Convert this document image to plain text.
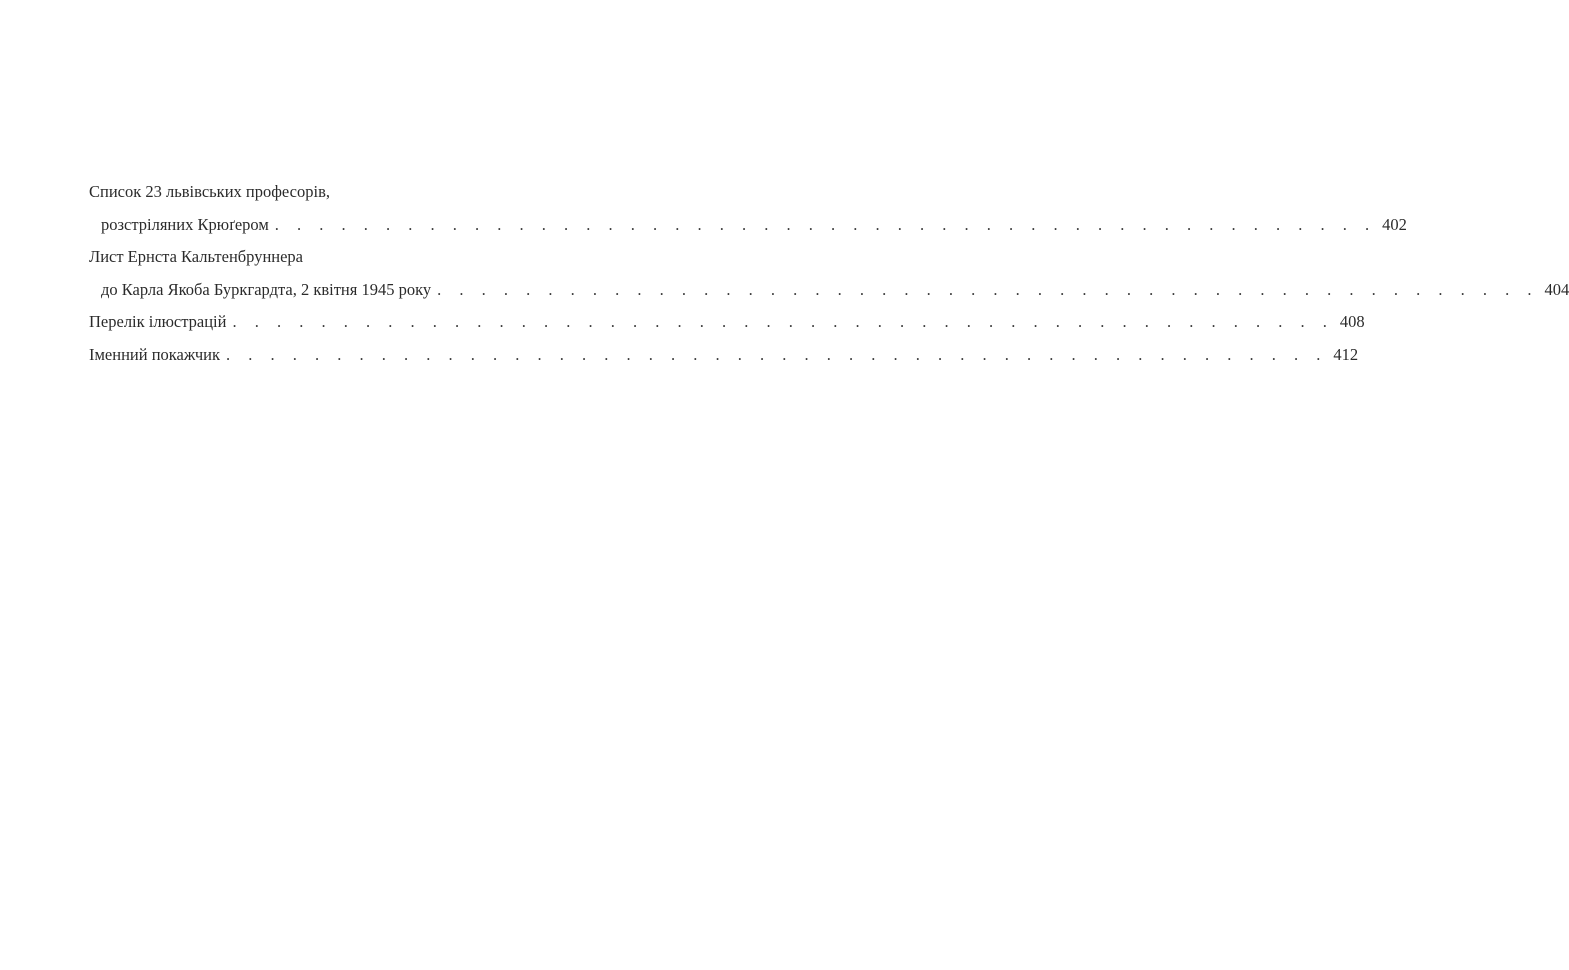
Список 23 львівських професорів,
розстріляних Крюґером . . . . . . . . . . . . . . . . . . . . . . . . . . . . . . . . . . . . . . . . . . . . . . . . . . 402
Лист Ернста Кальтенбруннера
до Карла Якоба Буркгардта, 2 квітня 1945 року . . . . . . . . . . . . . . . . . . . . . . . . . . . . . . . . . . . . . . . . . . . . . . . . . . 404
Перелік ілюстрацій . . . . . . . . . . . . . . . . . . . . . . . . . . . . . . . . . . . . . . . . . . . . . . . . . . 408
Іменний покажчик . . . . . . . . . . . . . . . . . . . . . . . . . . . . . . . . . . . . . . . . . . . . . . . . . . 412
